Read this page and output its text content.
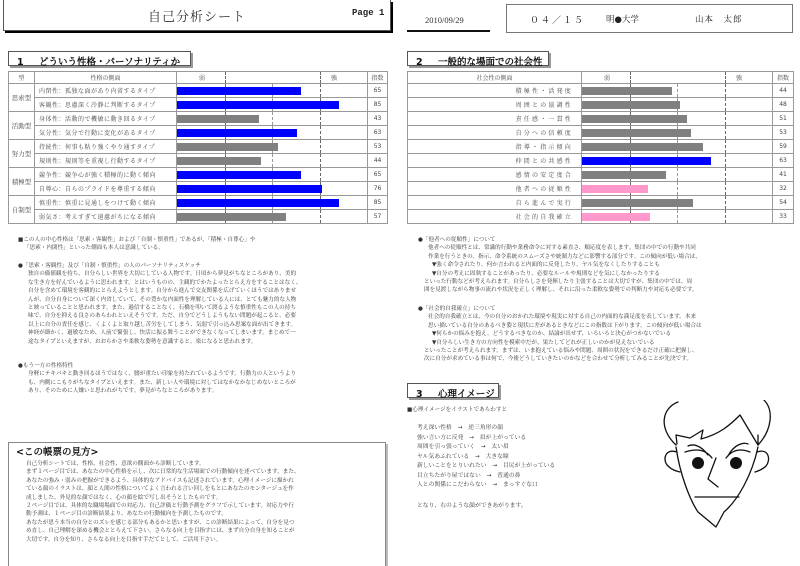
自己分析シート	Page 1
2010/09/29	０４／１５ 明●大学	山本　太郎
1 どういう性格・パーソナリティか
型	性格の側面	弱 強	指数
思索型	内閉性：孤独な面があり内省するタイプ		65
	客観性：思慮深く冷静に判断するタイプ		85
活動型	身体性：活動的で機敏に動き回るタイプ		43
	気分性：気分で行動に変化があるタイプ		63
努力型	持続性：何事も粘り強くやり通すタイプ		53
	規則性：規則等を重視し行動するタイプ		44
積極型	競争性：競争心が強く積極的に動く傾向		65
	自尊心：自らのプライドを尊重する傾向		76
自制型	慎重性：慎重に見通しをつけて動く傾向		85
	弱気さ：考えすぎて遠慮がちになる傾向		57
■この人の中心性格は「思索・客観性」および「自制・慎重性」であるが、「積極・自尊心」や
「思索・内閉性」といった側面も本人は意識している。
●「思索・客観性」及び「自制・慎重性」の人のパーソナリティスケッチ
独自の価値観を持ち、自分らしい世界を大切にしている人物です。日頃から夢見がちなところがあり、美的
な生き方を好んでいるように思われます。とはいうものの、主観的でかたよったとらえ方をすることはなく、
自分を含めて環境を客観的にとらえようとします。自分から進んで交友関係を広げていくほうではありませ
んが、自分自身について深く内省していて、その豊かな内面性を理解している人には、とても魅力的な人物
と映っていることと思われます。また、過信することなく、石橋を叩いて渡るような慎重性もこの人の持ち
味で、自分を抑える良さのあらわれといえそうです。ただ、自分でどうしようもない問題が起こると、必要
以上に自分の責任を感じ、くよくよと取り越し苦労をしてしまう、気弱で引っ込み思案な面が出てきます。
神経が細かく、過敏なため、人前で緊張し、快活に振る舞うことができなくなってしまいます。まじめで一
途なタイプといえますが、おおらかさや柔軟な姿勢を意識すると、楽になると思われます。
●もう一方の性格特性
身軽にテキパキと動き回るほうではなく、腰が重たい印象を持たれているようです。行動力の人というより
も、内側にこもりがちなタイプといえます。また、新しい人や環境に対してはなかなかなじめないところが
あり、そのために人嫌いと思われがちです。夢見がちなところがあります。
<この帳票の見方>
自己分析シートでは、性格、社会性、意欲の側面から診断しています。
まず１ページ目では、あなたの中心性格を示し、次に日常的な生活場面での行動傾向を述べています。また、
あなたの強み・弱みの把握ができるよう、具体的なアドバイスも記述されています。心理イメージに描かれ
ている顔のイラストは、顔と人間の性格についてよく言われる言い回しをもとにあなたのモンタージュを作
成しました。外見的な顔ではなく、心の顔を絵で写し出そうとしたものです。
２ページ目では、具体的な職場場面での対応力、自己評価と行動予測をグラフで示しています。対応力や行
動予測は、１ページ目の診断結果より、あなたの行動傾向を予測したものです。
あなたが思う本当の自分とのズレを感じる部分もあるかと思いますが、この診断結果によって、自分を見つ
め直し、自己理解を深める機会ととらえて下さい。さらなる向上を目指すには、まず自分自身を知ることが
大切です。自分を知り、さらなる向上を目指す手だてとして、ご活用下さい。
2 一般的な場面での社会性
社会性の側面	弱 強	指数
積極性・活発度		44
周囲との協調性		48
責任感・一貫性		51
自分への信頼度		53
指導・指示傾向		59
仲間との共感性		63
感情の安定度合		41
他者への従順性		32
自ら進んで実行		54
社会的自我確立		33
●「他者への従順性」について
他者への従順性とは、常識的行動や業務命令に対する素直さ、順応度を表します。集団の中での行動や共同
作業を行うときの、指示、命令系統のスムーズさや統制力などに影響する部分です。この傾向が低い場合は、
▼強く命令されたり、何か言われると内面的に反発したり、ヤル気をなくしたりすることも
▼自分の考えに固執することがあったり、必要なルールや規則などを気にしなかったりする
といった行動などが考えられます。自分らしさを発揮したり主張することは大切ですが、集団の中では、周
囲を見渡しながら物事の流れや状況を正しく理解し、それに沿った柔軟な姿勢での判断力や対応も必要です。
●「社会的自我確立」について
社会的自我確立とは、今の自分のおかれた環境や現実に対する自己の内面的な満足度を表しています。本来
思い描いている自分のあるべき姿と現状に差があるときなどにこの指数は下がります。この傾向が低い場合は
▼何らかの悩みを抱え、どうするべきなのか、結論が出せず、いろいろと決心がつかないでいる
▼自分らしい生き方の方向性を模索中だが、果たしてどれが正しいのかが見えないでいる
といったことが考えられます。まずは、いま抱えている悩みや問題、周囲の状況をできるだけ正確に把握し、
次に自分が求めている事は何で、今後どうしていきたいのかなどを合わせて分析してみることが先決です。
3 心理イメージ
■心理イメージをイラストであらわすと
考え深い性格　→　逆三角形の顔
強い言い方に反発　→　眉が上がっている
周囲を引っ張っていく　→　太い眉
ヤル気あふれている　→　大きな瞳
新しいことをとりいれたい　→　目尻が上がっている
目立ちたがり屋ではない　→　普通の鼻
人との関係にこだわらない　→　まっすぐな口
となり、右のような顔ができあがります。
